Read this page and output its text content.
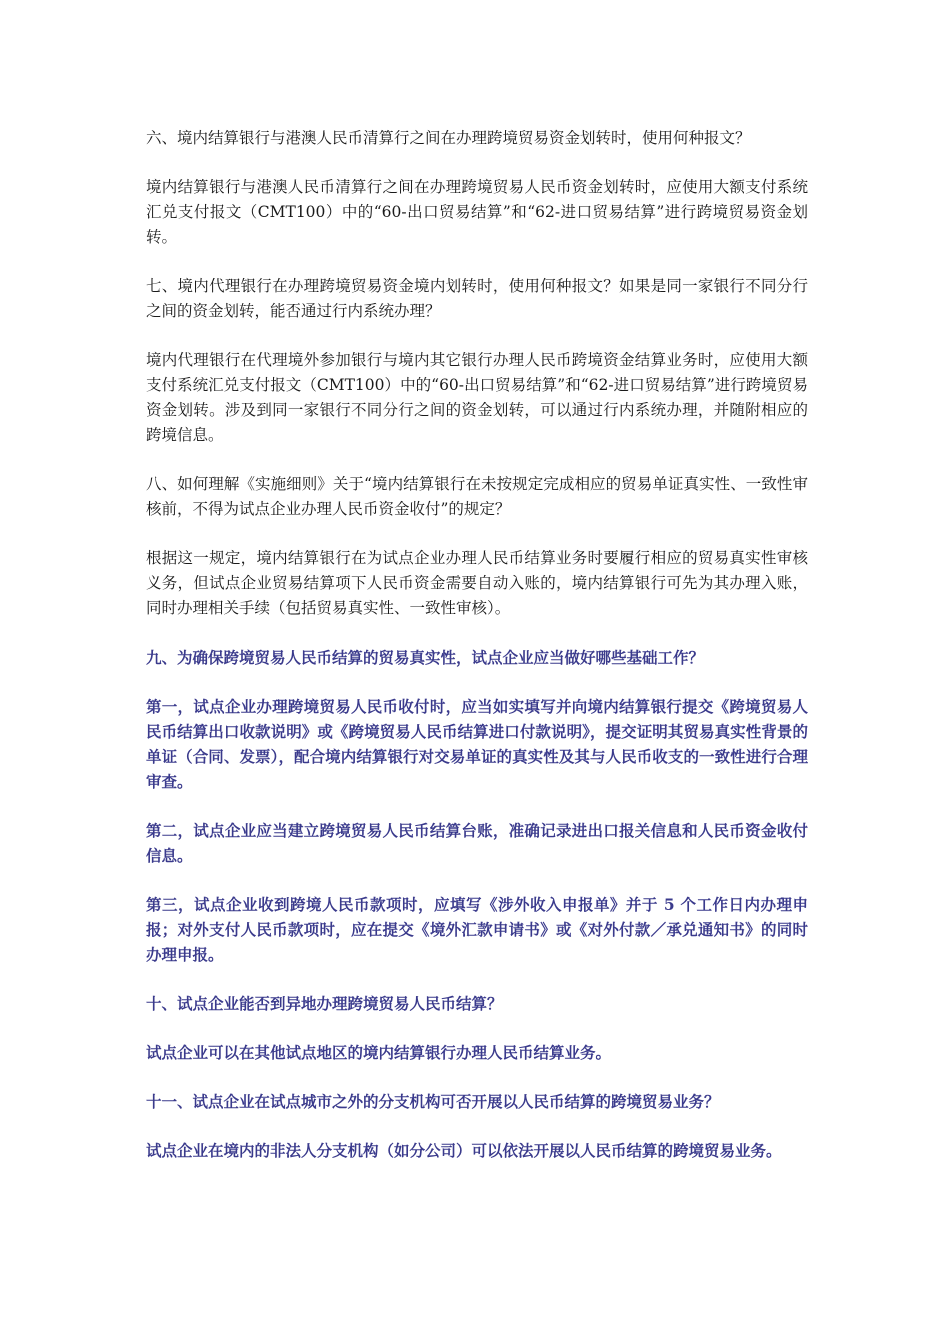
六、境内结算银行与港澳人民币清算行之间在办理跨境贸易资金划转时，使用何种报文？

境内结算银行与港澳人民币清算行之间在办理跨境贸易人民币资金划转时，应使用大额支付系统汇兑支付报文（CMT100）中的“60-出口贸易结算”和“62-进口贸易结算”进行跨境贸易资金划转。

七、境内代理银行在办理跨境贸易资金境内划转时，使用何种报文？如果是同一家银行不同分行之间的资金划转，能否通过行内系统办理？

境内代理银行在代理境外参加银行与境内其它银行办理人民币跨境资金结算业务时，应使用大额支付系统汇兑支付报文（CMT100）中的“60-出口贸易结算”和“62-进口贸易结算”进行跨境贸易资金划转。涉及到同一家银行不同分行之间的资金划转，可以通过行内系统办理，并随附相应的跨境信息。

八、如何理解《实施细则》关于“境内结算银行在未按规定完成相应的贸易单证真实性、一致性审核前，不得为试点企业办理人民币资金收付”的规定？

根据这一规定，境内结算银行在为试点企业办理人民币结算业务时要履行相应的贸易真实性审核义务，但试点企业贸易结算项下人民币资金需要自动入账的，境内结算银行可先为其办理入账，同时办理相关手续（包括贸易真实性、一致性审核）。

九、为确保跨境贸易人民币结算的贸易真实性，试点企业应当做好哪些基础工作？

第一，试点企业办理跨境贸易人民币收付时，应当如实填写并向境内结算银行提交《跨境贸易人民币结算出口收款说明》或《跨境贸易人民币结算进口付款说明》，提交证明其贸易真实性背景的单证（合同、发票），配合境内结算银行对交易单证的真实性及其与人民币收支的一致性进行合理审查。

第二，试点企业应当建立跨境贸易人民币结算台账，准确记录进出口报关信息和人民币资金收付信息。

第三，试点企业收到跨境人民币款项时，应填写《涉外收入申报单》并于 5 个工作日内办理申报；对外支付人民币款项时，应在提交《境外汇款申请书》或《对外付款／承兑通知书》的同时办理申报。

十、试点企业能否到异地办理跨境贸易人民币结算？

试点企业可以在其他试点地区的境内结算银行办理人民币结算业务。

十一、试点企业在试点城市之外的分支机构可否开展以人民币结算的跨境贸易业务？

试点企业在境内的非法人分支机构（如分公司）可以依法开展以人民币结算的跨境贸易业务。
